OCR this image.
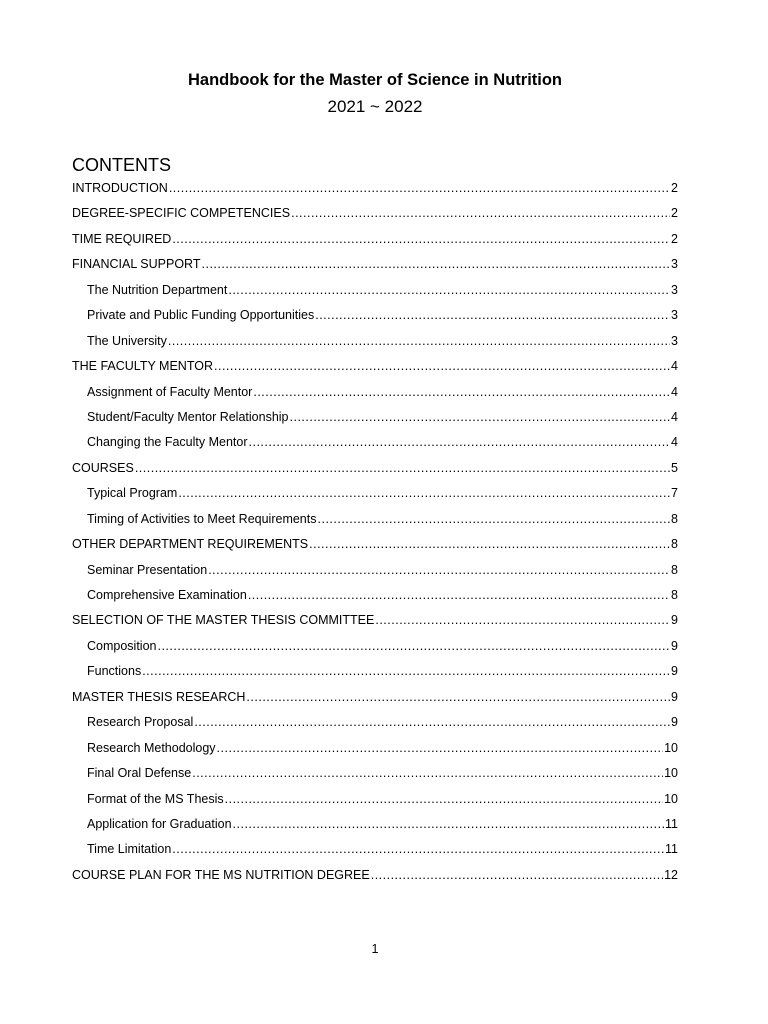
Handbook for the Master of Science in Nutrition
2021 ~ 2022
CONTENTS
INTRODUCTION .....	2
DEGREE-SPECIFIC COMPETENCIES .....	2
TIME REQUIRED .....	2
FINANCIAL SUPPORT .....	3
The Nutrition Department .....	3
Private and Public Funding Opportunities .....	3
The University .....	3
THE FACULTY MENTOR .....	4
Assignment of Faculty Mentor .....	4
Student/Faculty Mentor Relationship .....	4
Changing the Faculty Mentor .....	4
COURSES .....	5
Typical Program .....	7
Timing of Activities to Meet Requirements .....	8
OTHER DEPARTMENT REQUIREMENTS .....	8
Seminar Presentation .....	8
Comprehensive Examination .....	8
SELECTION OF THE MASTER THESIS COMMITTEE .....	9
Composition .....	9
Functions .....	9
MASTER THESIS RESEARCH .....	9
Research Proposal .....	9
Research Methodology .....	10
Final Oral Defense .....	10
Format of the MS Thesis .....	10
Application for Graduation .....	11
Time Limitation .....	11
COURSE PLAN FOR THE MS NUTRITION DEGREE .....	12
1
